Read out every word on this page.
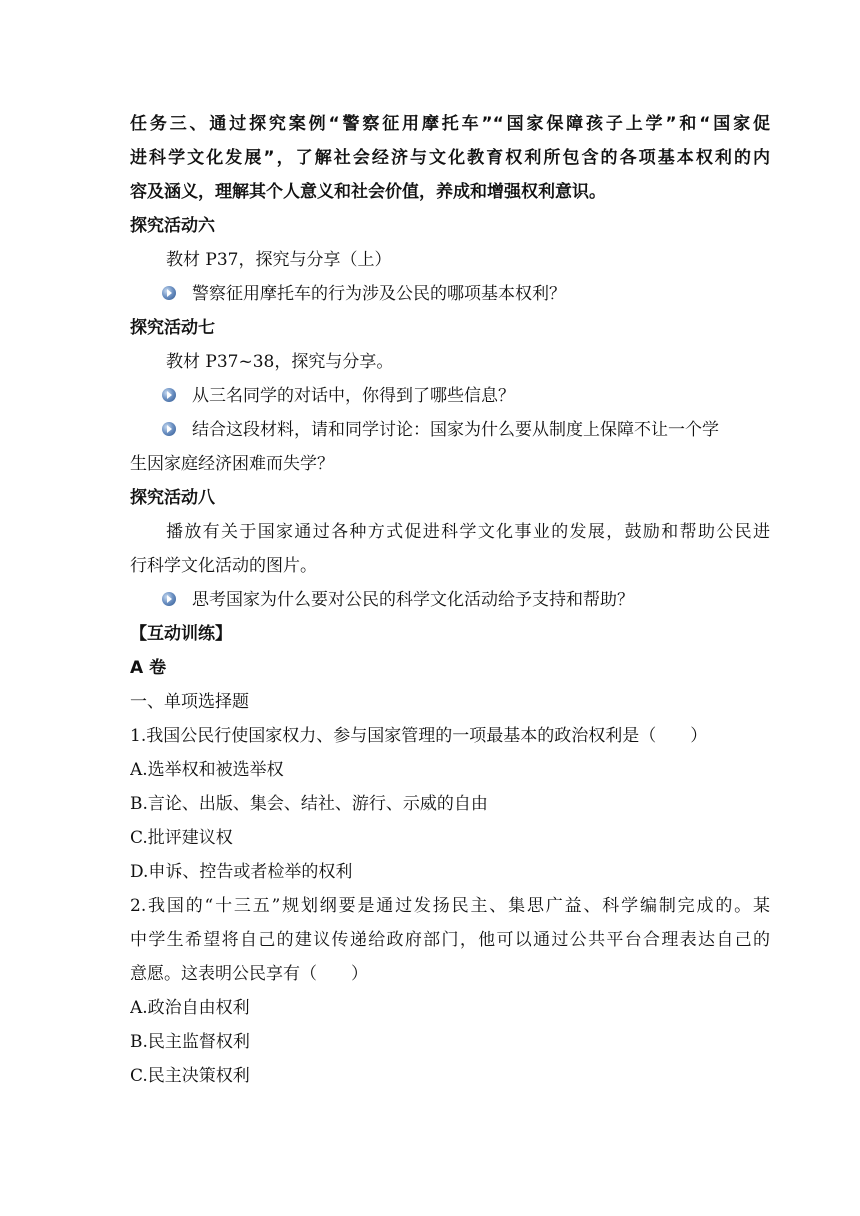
任务三、通过探究案例“警察征用摩托车”“国家保障孩子上学”和“国家促
进科学文化发展”，了解社会经济与文化教育权利所包含的各项基本权利的内
容及涵义，理解其个人意义和社会价值，养成和增强权利意识。
探究活动六
教材 P37，探究与分享（上）
警察征用摩托车的行为涉及公民的哪项基本权利？
探究活动七
教材 P37~38，探究与分享。
从三名同学的对话中，你得到了哪些信息？
结合这段材料，请和同学讨论：国家为什么要从制度上保障不让一个学
生因家庭经济困难而失学？
探究活动八
播放有关于国家通过各种方式促进科学文化事业的发展，鼓励和帮助公民进
行科学文化活动的图片。
思考国家为什么要对公民的科学文化活动给予支持和帮助？
【互动训练】
A 卷
一、单项选择题
1.我国公民行使国家权力、参与国家管理的一项最基本的政治权利是（　　）
A.选举权和被选举权
B.言论、出版、集会、结社、游行、示威的自由
C.批评建议权
D.申诉、控告或者检举的权利
2.我国的“十三五”规划纲要是通过发扬民主、集思广益、科学编制完成的。某
中学生希望将自己的建议传递给政府部门，他可以通过公共平台合理表达自己的
意愿。这表明公民享有（　　）
A.政治自由权利
B.民主监督权利
C.民主决策权利
